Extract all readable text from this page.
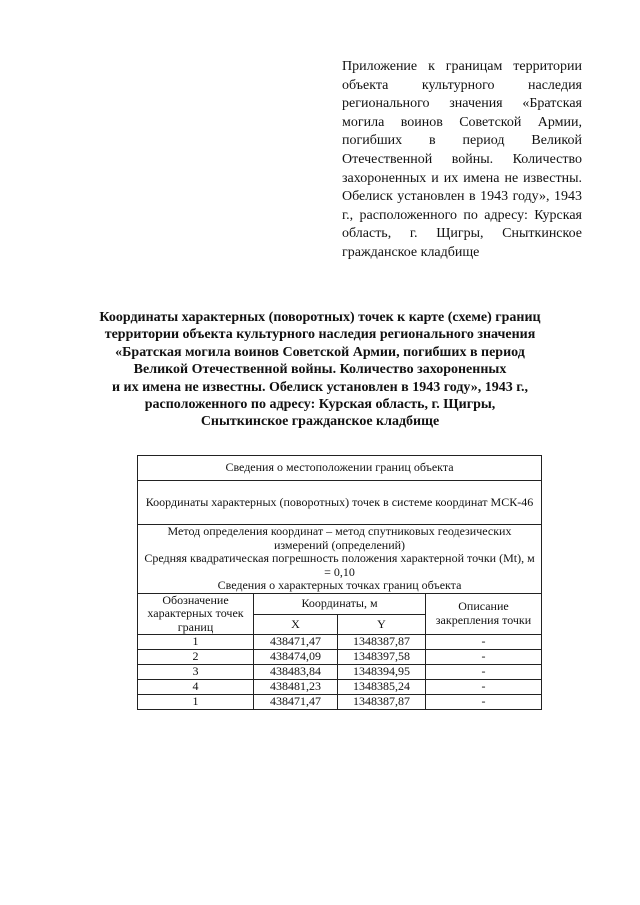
Приложение к границам территории объекта культурного наследия регионального значения «Братская могила воинов Советской Армии, погибших в период Великой Отечественной войны. Количество захороненных и их имена не известны. Обелиск установлен в 1943 году», 1943 г., расположенного по адресу: Курская область, г. Щигры, Сныткинское гражданское кладбище
Координаты характерных (поворотных) точек к карте (схеме) границ
территории объекта культурного наследия регионального значения
«Братская могила воинов Советской Армии, погибших в период
Великой Отечественной войны. Количество захороненных
и их имена не известны. Обелиск установлен в 1943 году», 1943 г.,
расположенного по адресу: Курская область, г. Щигры,
Сныткинское гражданское кладбище
Сведения о местоположении границ объекта			
Координаты характерных (поворотных) точек в системе координат МСК-46			

Метод определения координат – метод спутниковых геодезических измерений (определений)
Средняя квадратическая погрешность положения характерной точки (Mt), м = 0,10
Сведения о характерных точках границ объекта			

Обозначение характерных точек границ	Координаты, м		Описание закрепления точки
	X	Y	
1	438471,47	1348387,87	-
2	438474,09	1348397,58	-
3	438483,84	1348394,95	-
4	438481,23	1348385,24	-
1	438471,47	1348387,87	-
